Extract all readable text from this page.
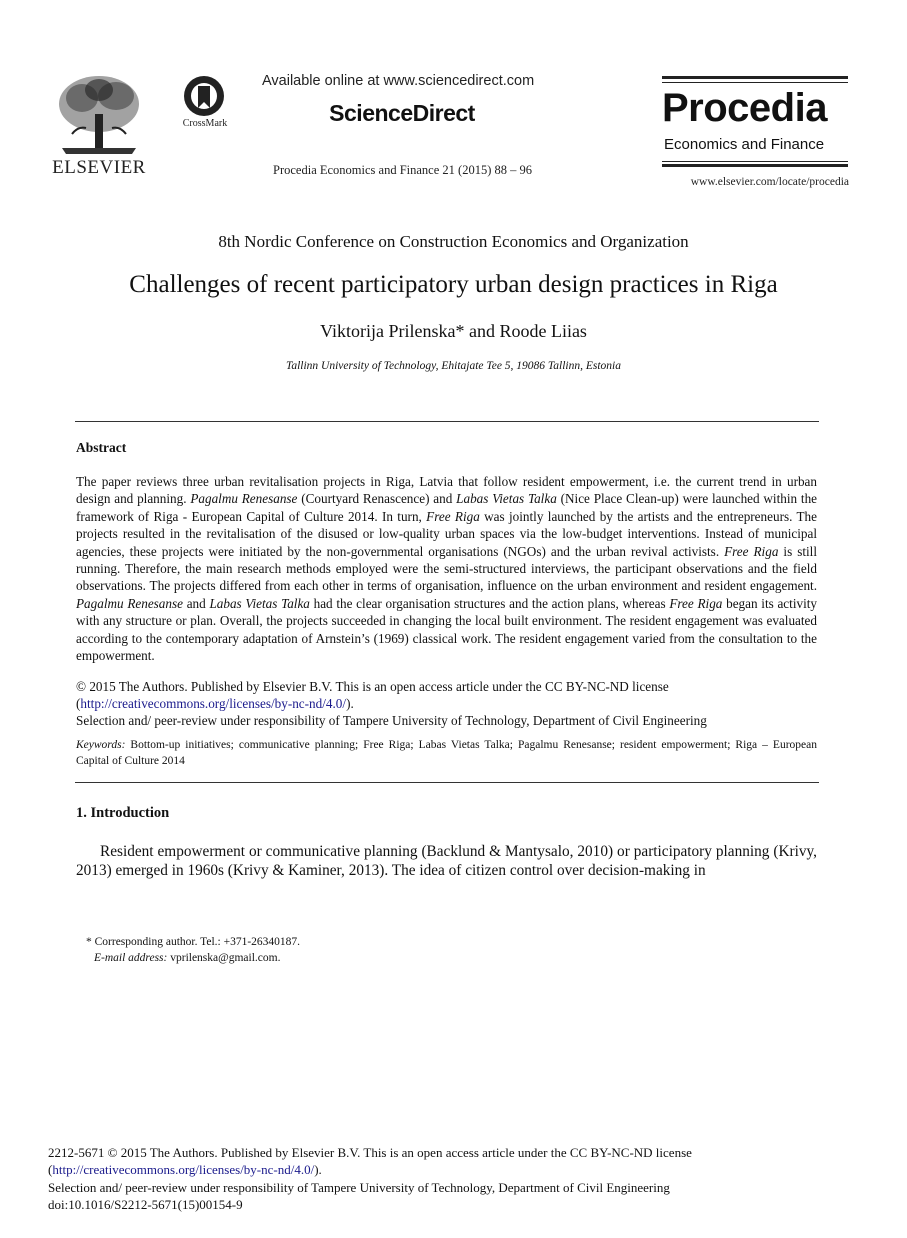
ELSEVIER
CrossMark
Available online at www.sciencedirect.com
ScienceDirect
Procedia Economics and Finance 21 (2015) 88 – 96
Procedia
Economics and Finance
www.elsevier.com/locate/procedia
8th Nordic Conference on Construction Economics and Organization
Challenges of recent participatory urban design practices in Riga
Viktorija Prilenska* and Roode Liias
Tallinn University of Technology, Ehitajate Tee 5, 19086 Tallinn, Estonia
Abstract
The paper reviews three urban revitalisation projects in Riga, Latvia that follow resident empowerment, i.e. the current trend in urban design and planning. Pagalmu Renesanse (Courtyard Renascence) and Labas Vietas Talka (Nice Place Clean-up) were launched within the framework of Riga - European Capital of Culture 2014. In turn, Free Riga was jointly launched by the artists and the entrepreneurs. The projects resulted in the revitalisation of the disused or low-quality urban spaces via the low-budget interventions. Instead of municipal agencies, these projects were initiated by the non-governmental organisations (NGOs) and the urban revival activists. Free Riga is still running. Therefore, the main research methods employed were the semi-structured interviews, the participant observations and the field observations. The projects differed from each other in terms of organisation, influence on the urban environment and resident engagement. Pagalmu Renesanse and Labas Vietas Talka had the clear organisation structures and the action plans, whereas Free Riga began its activity with any structure or plan. Overall, the projects succeeded in changing the local built environment. The resident engagement was evaluated according to the contemporary adaptation of Arnstein’s (1969) classical work. The resident engagement varied from the consultation to the empowerment.
© 2015 The Authors. Published by Elsevier B.V. This is an open access article under the CC BY-NC-ND license
(http://creativecommons.org/licenses/by-nc-nd/4.0/).
Selection and/ peer-review under responsibility of Tampere University of Technology, Department of Civil Engineering
Keywords: Bottom-up initiatives; communicative planning; Free Riga; Labas Vietas Talka; Pagalmu Renesanse; resident empowerment; Riga – European Capital of Culture 2014
1. Introduction
Resident empowerment or communicative planning (Backlund & Mantysalo, 2010) or participatory planning (Krivy, 2013) emerged in 1960s (Krivy & Kaminer, 2013). The idea of citizen control over decision-making in
* Corresponding author. Tel.: +371-26340187.
E-mail address: vprilenska@gmail.com.
2212-5671 © 2015 The Authors. Published by Elsevier B.V. This is an open access article under the CC BY-NC-ND license
(http://creativecommons.org/licenses/by-nc-nd/4.0/).
Selection and/ peer-review under responsibility of Tampere University of Technology, Department of Civil Engineering
doi:10.1016/S2212-5671(15)00154-9
